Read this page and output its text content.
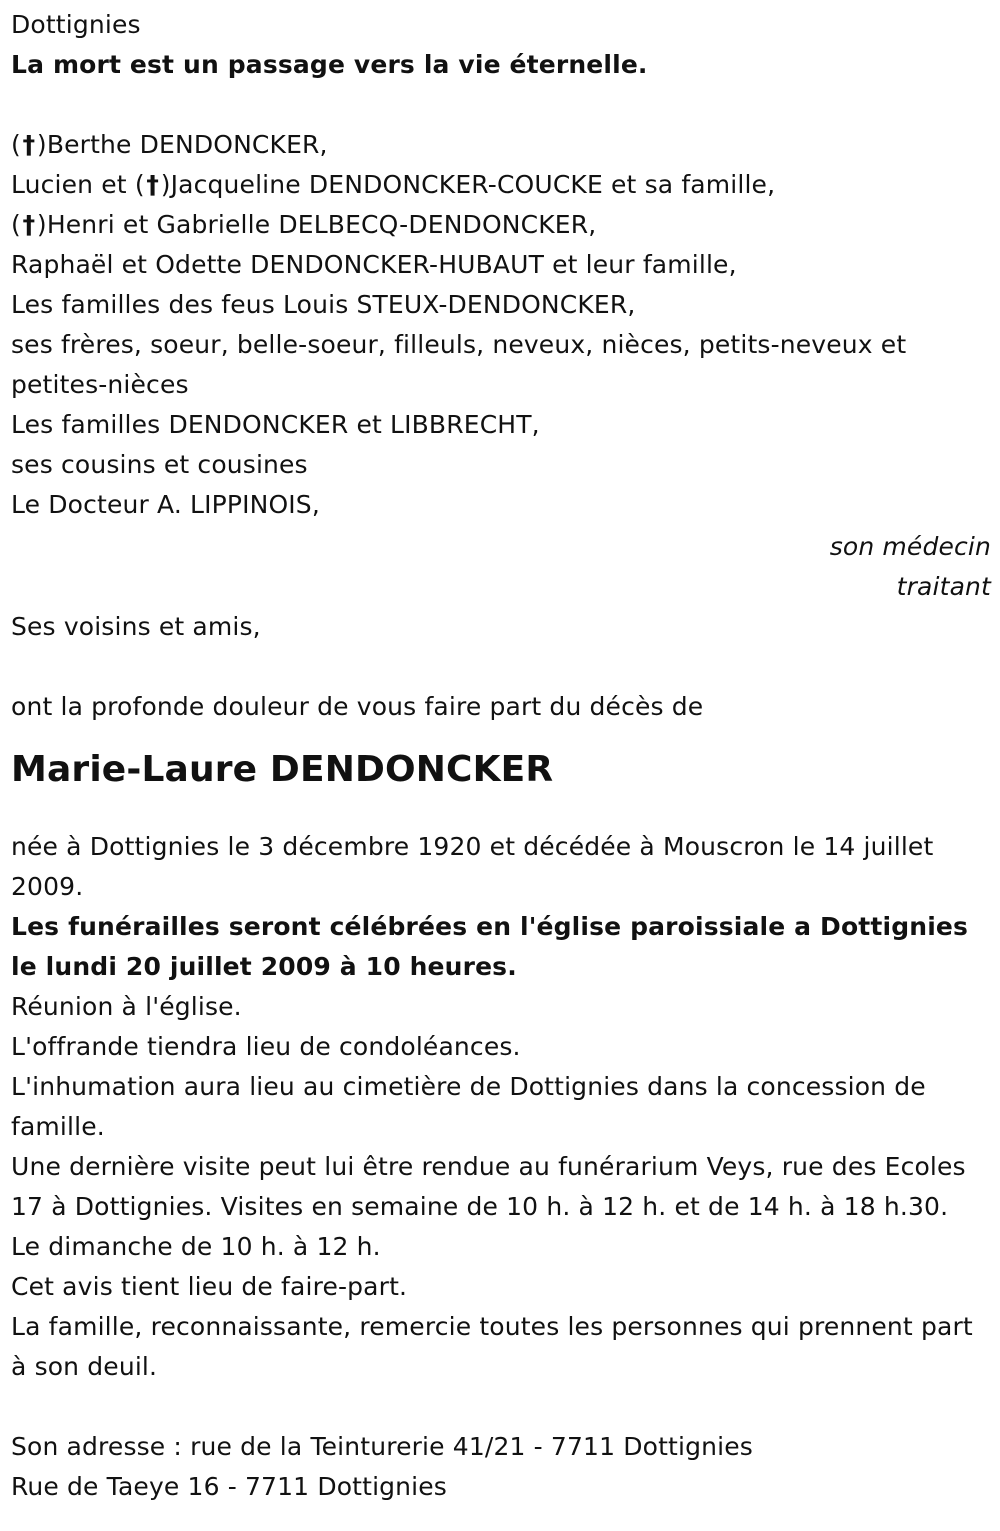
Dottignies
La mort est un passage vers la vie éternelle.
(†)Berthe DENDONCKER,
Lucien et (†)Jacqueline DENDONCKER-COUCKE et sa famille,
(†)Henri et Gabrielle DELBECQ-DENDONCKER,
Raphaël et Odette DENDONCKER-HUBAUT et leur famille,
Les familles des feus Louis STEUX-DENDONCKER,
ses frères, soeur, belle-soeur, filleuls, neveux, nièces, petits-neveux et petites-nièces
Les familles DENDONCKER et LIBBRECHT,
ses cousins et cousines
Le Docteur A. LIPPINOIS,
son médecin
traitant
Ses voisins et amis,
ont la profonde douleur de vous faire part du décès de
Marie-Laure DENDONCKER
née à Dottignies le 3 décembre 1920 et décédée à Mouscron le 14 juillet 2009.
Les funérailles seront célébrées en l'église paroissiale a Dottignies le lundi 20 juillet 2009 à 10 heures.
Réunion à l'église.
L'offrande tiendra lieu de condoléances.
L'inhumation aura lieu au cimetière de Dottignies dans la concession de famille.
Une dernière visite peut lui être rendue au funérarium Veys, rue des Ecoles 17 à Dottignies. Visites en semaine de 10 h. à 12 h. et de 14 h. à 18 h.30. Le dimanche de 10 h. à 12 h.
Cet avis tient lieu de faire-part.
La famille, reconnaissante, remercie toutes les personnes qui prennent part à son deuil.
Son adresse : rue de la Teinturerie 41/21 - 7711 Dottignies
Rue de Taeye 16 - 7711 Dottignies
